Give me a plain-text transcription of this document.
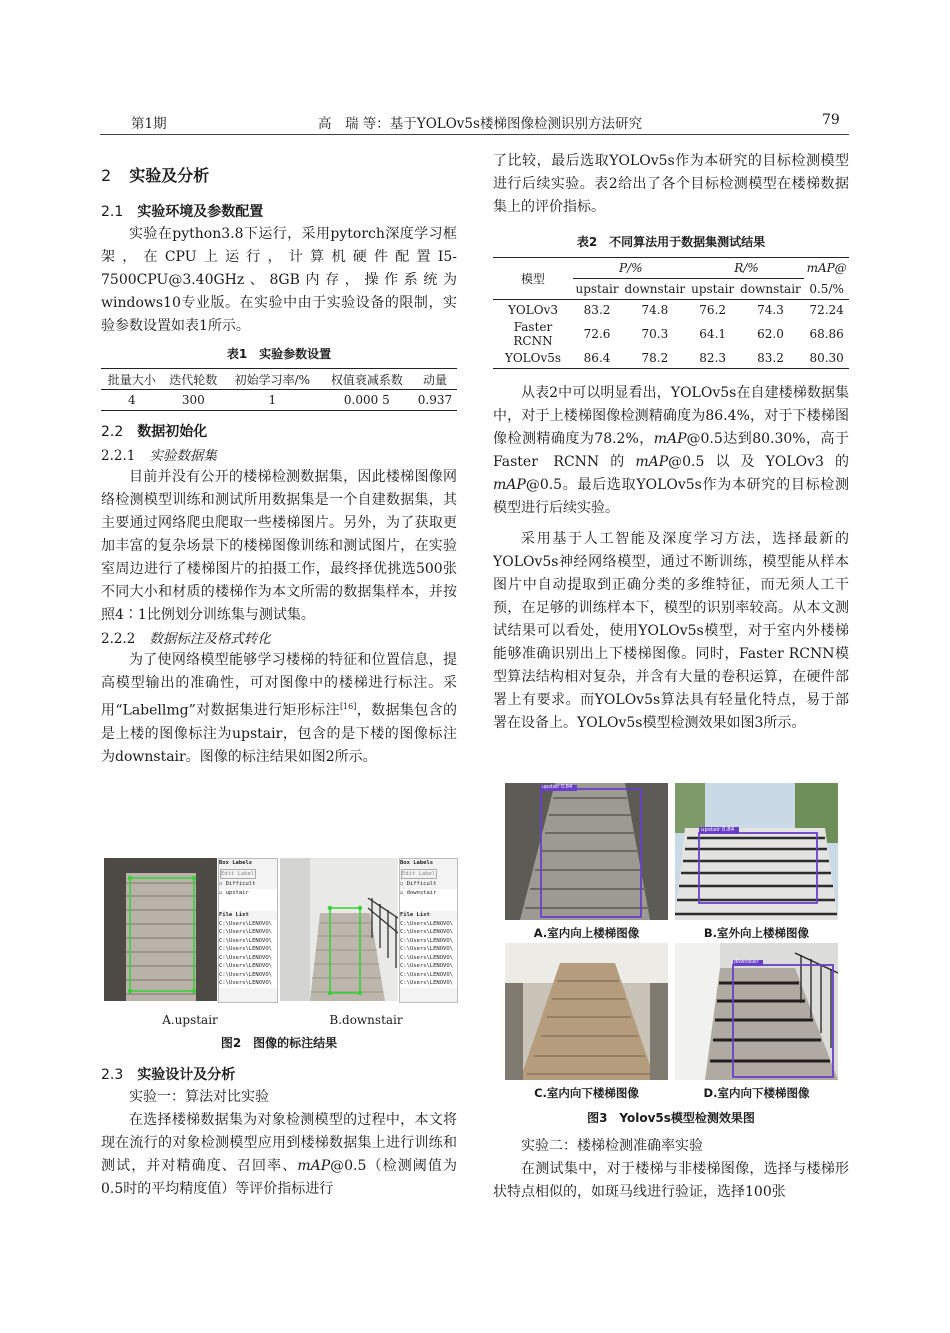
第1期	高　瑞 等：基于YOLOv5s楼梯图像检测识别方法研究	79
2 实验及分析
2.1 实验环境及参数配置

实验在python3.8下运行，采用pytorch深度学习框架，在CPU上运行，计算机硬件配置I5-7500CPU@3.40GHz、8GB内存，操作系统为windows10专业版。在实验中由于实验设备的限制，实验参数设置如表1所示。

表1　实验参数设置
批量大小	迭代轮数	初始学习率/%	权值衰减系数	动量
4	300	1	0.000 5	0.937
2.2 数据初始化
2.2.1 实验数据集

目前并没有公开的楼梯检测数据集，因此楼梯图像网络检测模型训练和测试所用数据集是一个自建数据集，其主要通过网络爬虫爬取一些楼梯图片。另外，为了获取更加丰富的复杂场景下的楼梯图像训练和测试图片，在实验室周边进行了楼梯图片的拍摄工作，最终择优挑选500张不同大小和材质的楼梯作为本文所需的数据集样本，并按照4∶1比例划分训练集与测试集。

2.2.2 数据标注及格式转化

为了使网络模型能够学习楼梯的特征和位置信息，提高模型输出的准确性，可对图像中的楼梯进行标注。采用“Labellmg”对数据集进行矩形标注[16]，数据集包含的是上楼的图像标注为upstair，包含的是下楼的图像标注为downstair。图像的标注结果如图2所示。

Box Labels
Edit Label
☐ Difficult
☑ upstair
File List
C:\Users\LENOVO\
C:\Users\LENOVO\
C:\Users\LENOVO\
C:\Users\LENOVO\
C:\Users\LENOVO\
C:\Users\LENOVO\
C:\Users\LENOVO\
C:\Users\LENOVO\
Box Labels
Edit Label
☐ Difficult
☑ downstair
File List
C:\Users\LENOVO\
C:\Users\LENOVO\
C:\Users\LENOVO\
C:\Users\LENOVO\
C:\Users\LENOVO\
C:\Users\LENOVO\
C:\Users\LENOVO\
C:\Users\LENOVO\
A.upstair	B.downstair
图2　图像的标注结果
2.3 实验设计及分析

实验一：算法对比实验

在选择楼梯数据集为对象检测模型的过程中，本文将现在流行的对象检测模型应用到楼梯数据集上进行训练和测试，并对精确度、召回率、mAP@0.5（检测阈值为0.5时的平均精度值）等评价指标进行

了比较，最后选取YOLOv5s作为本研究的目标检测模型进行后续实验。表2给出了各个目标检测模型在楼梯数据集上的评价指标。
表2　不同算法用于数据集测试结果
模型	P/%		R/%		mAP@
	upstair	downstair	upstair	downstair	0.5/%
YOLOv3	83.2	74.8	76.2	74.3	72.24
Faster RCNN	72.6	70.3	64.1	62.0	68.86
YOLOv5s	86.4	78.2	82.3	83.2	80.30

从表2中可以明显看出，YOLOv5s在自建楼梯数据集中，对于上楼梯图像检测精确度为86.4%，对于下楼梯图像检测精确度为78.2%，mAP@0.5达到80.30%，高于Faster RCNN的mAP@0.5以及YOLOv3的mAP@0.5。最后选取YOLOv5s作为本研究的目标检测模型进行后续实验。

采用基于人工智能及深度学习方法，选择最新的YOLOv5s神经网络模型，通过不断训练，模型能从样本图片中自动提取到正确分类的多维特征，而无须人工干预，在足够的训练样本下，模型的识别率较高。从本文测试结果可以看处，使用YOLOv5s模型，对于室内外楼梯能够准确识别出上下楼梯图像。同时，Faster RCNN模型算法结构相对复杂，并含有大量的卷积运算，在硬件部署上有要求。而YOLOv5s算法具有轻量化特点，易于部署在设备上。YOLOv5s模型检测效果如图3所示。

upstair 0.84
upstair 0.84
A.室内向上楼梯图像	B.室外向上楼梯图像
downstair
C.室内向下楼梯图像	D.室内向下楼梯图像
图3　Yolov5s模型检测效果图

实验二：楼梯检测准确率实验

在测试集中，对于楼梯与非楼梯图像，选择与楼梯形状特点相似的，如斑马线进行验证，选择100张
